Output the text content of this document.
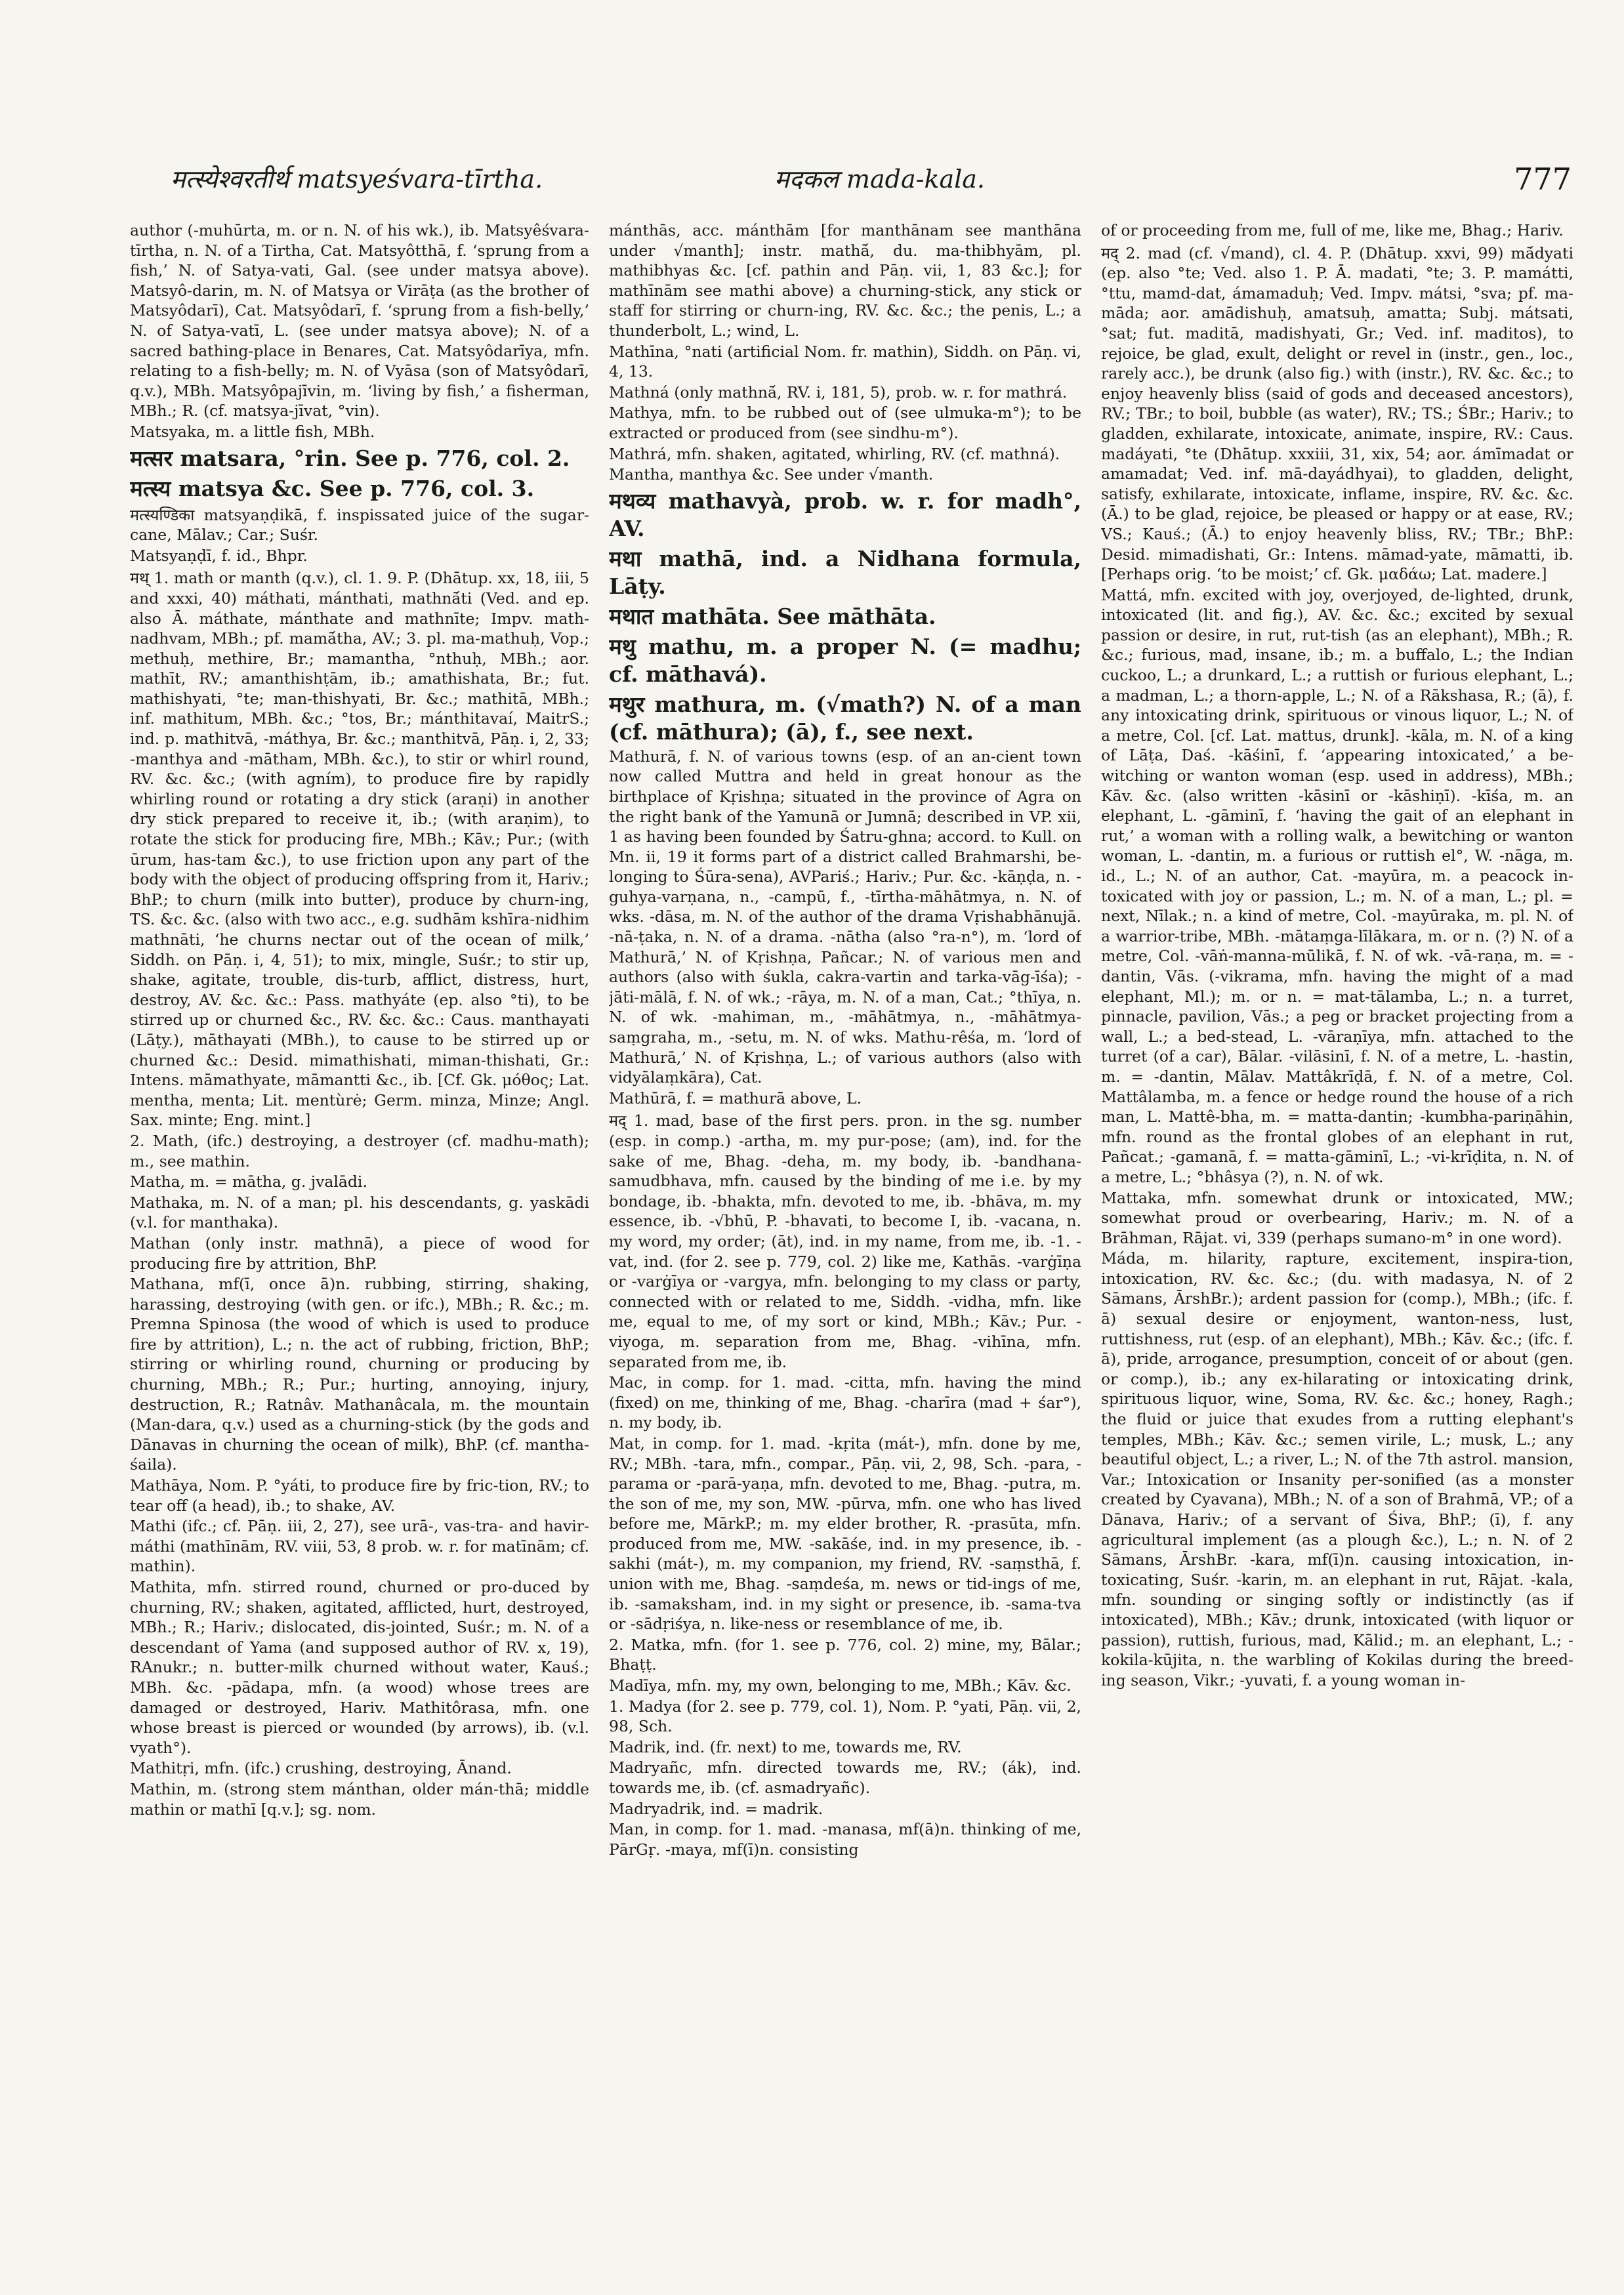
मत्स्येश्वरतीर्थ matsyeśvara-tīrtha.	मदकल mada-kala.	777

author (-muhūrta, m. or n. N. of his wk.), ib. Matsyêśvara-tīrtha, n. N. of a Tirtha, Cat. Matsyôtthā, f. ‘sprung from a fish,’ N. of Satya-vati, Gal. (see under matsya above). Matsyô-darin, m. N. of Matsya or Virāṭa (as the brother of Matsyôdarī), Cat. Matsyôdarī, f. ‘sprung from a fish-belly,’ N. of Satya-vatī, L. (see under matsya above); N. of a sacred bathing-place in Benares, Cat. Matsyôdarīya, mfn. relating to a fish-belly; m. N. of Vyāsa (son of Matsyôdarī, q.v.), MBh. Matsyôpajīvin, m. ‘living by fish,’ a fisherman, MBh.; R. (cf. matsya-jīvat, °vin).

Matsyaka, m. a little fish, MBh.

मत्सर matsara, °rin. See p. 776, col. 2.

मत्स्य matsya &c. See p. 776, col. 3.

मत्स्यण्डिका matsyaṇḍikā, f. inspissated juice of the sugar-cane, Mālav.; Car.; Suśr.

Matsyaṇḍī, f. id., Bhpr.

मथ् 1. math or manth (q.v.), cl. 1. 9. P. (Dhātup. xx, 18, iii, 5 and xxxi, 40) máthati, mánthati, mathnā́ti (Ved. and ep. also Ā. máthate, mánthate and mathnīte; Impv. math-nadhvam, MBh.; pf. mamā́tha, AV.; 3. pl. ma-mathuḥ, Vop.; methuḥ, methire, Br.; mamantha, °nthuḥ, MBh.; aor. mathīt, RV.; amanthishṭām, ib.; amathishata, Br.; fut. mathishyati, °te; man-thishyati, Br. &c.; mathitā, MBh.; inf. mathitum, MBh. &c.; °tos, Br.; mánthitavaí, MaitrS.; ind. p. mathitvā, -máthya, Br. &c.; manthitvā, Pāṇ. i, 2, 33; -manthya and -mātham, MBh. &c.), to stir or whirl round, RV. &c. &c.; (with agním), to produce fire by rapidly whirling round or rotating a dry stick (araṇi) in another dry stick prepared to receive it, ib.; (with araṇim), to rotate the stick for producing fire, MBh.; Kāv.; Pur.; (with ūrum, has-tam &c.), to use friction upon any part of the body with the object of producing offspring from it, Hariv.; BhP.; to churn (milk into butter), produce by churn-ing, TS. &c. &c. (also with two acc., e.g. sudhām kshīra-nidhim mathnāti, ‘he churns nectar out of the ocean of milk,’ Siddh. on Pāṇ. i, 4, 51); to mix, mingle, Suśr.; to stir up, shake, agitate, trouble, dis-turb, afflict, distress, hurt, destroy, AV. &c. &c.: Pass. mathyáte (ep. also °ti), to be stirred up or churned &c., RV. &c. &c.: Caus. manthayati (Lāṭy.), māthayati (MBh.), to cause to be stirred up or churned &c.: Desid. mimathishati, miman-thishati, Gr.: Intens. māmathyate, māmantti &c., ib. [Cf. Gk. μόθος; Lat. mentha, menta; Lit. mentùrė; Germ. minza, Minze; Angl. Sax. minte; Eng. mint.]

2. Math, (ifc.) destroying, a destroyer (cf. madhu-math); m., see mathin.

Matha, m. = mātha, g. jvalādi.

Mathaka, m. N. of a man; pl. his descendants, g. yaskādi (v.l. for manthaka).

Mathan (only instr. mathnā), a piece of wood for producing fire by attrition, BhP.

Mathana, mf(ī, once ā)n. rubbing, stirring, shaking, harassing, destroying (with gen. or ifc.), MBh.; R. &c.; m. Premna Spinosa (the wood of which is used to produce fire by attrition), L.; n. the act of rubbing, friction, BhP.; stirring or whirling round, churning or producing by churning, MBh.; R.; Pur.; hurting, annoying, injury, destruction, R.; Ratnâv. Mathanâcala, m. the mountain (Man-dara, q.v.) used as a churning-stick (by the gods and Dānavas in churning the ocean of milk), BhP. (cf. mantha-śaila).

Mathāya, Nom. P. °yáti, to produce fire by fric-tion, RV.; to tear off (a head), ib.; to shake, AV.

Mathi (ifc.; cf. Pāṇ. iii, 2, 27), see urā-, vas-tra- and havir-máthi (mathīnām, RV. viii, 53, 8 prob. w. r. for matīnām; cf. mathin).

Mathita, mfn. stirred round, churned or pro-duced by churning, RV.; shaken, agitated, afflicted, hurt, destroyed, MBh.; R.; Hariv.; dislocated, dis-jointed, Suśr.; m. N. of a descendant of Yama (and supposed author of RV. x, 19), RAnukr.; n. butter-milk churned without water, Kauś.; MBh. &c. -pādapa, mfn. (a wood) whose trees are damaged or destroyed, Hariv. Mathitôrasa, mfn. one whose breast is pierced or wounded (by arrows), ib. (v.l. vyath°).

Mathitṛi, mfn. (ifc.) crushing, destroying, Ānand.

Mathin, m. (strong stem mánthan, older mán-thā; middle mathin or mathī [q.v.]; sg. nom.

mánthās, acc. mánthām [for manthānam see manthāna under √manth]; instr. mathā́, du. ma-thibhyām, pl. mathibhyas &c. [cf. pathin and Pāṇ. vii, 1, 83 &c.]; for mathīnām see mathi above) a churning-stick, any stick or staff for stirring or churn-ing, RV. &c. &c.; the penis, L.; a thunderbolt, L.; wind, L.

Mathīna, °nati (artificial Nom. fr. mathin), Siddh. on Pāṇ. vi, 4, 13.

Mathná (only mathnā́, RV. i, 181, 5), prob. w. r. for mathrá.

Mathya, mfn. to be rubbed out of (see ulmuka-m°); to be extracted or produced from (see sindhu-m°).

Mathrá, mfn. shaken, agitated, whirling, RV. (cf. mathná).

Mantha, manthya &c. See under √manth.

मथव्य mathavyà, prob. w. r. for madh°, AV.

मथा mathā, ind. a Nidhana formula, Lāṭy.

मथात mathāta. See māthāta.

मथु mathu, m. a proper N. (= madhu; cf. māthavá).

मथुर mathura, m. (√math?) N. of a man (cf. māthura); (ā), f., see next.

Mathurā, f. N. of various towns (esp. of an an-cient town now called Muttra and held in great honour as the birthplace of Kṛishṇa; situated in the province of Agra on the right bank of the Yamunā or Jumnā; described in VP. xii, 1 as having been founded by Śatru-ghna; accord. to Kull. on Mn. ii, 19 it forms part of a district called Brahmarshi, be-longing to Śūra-sena), AVPariś.; Hariv.; Pur. &c. -kāṇḍa, n. -guhya-varṇana, n., -campū, f., -tīrtha-māhātmya, n. N. of wks. -dāsa, m. N. of the author of the drama Vṛishabhānujā. -nā-ṭaka, n. N. of a drama. -nātha (also °ra-n°), m. ‘lord of Mathurā,’ N. of Kṛishṇa, Pañcar.; N. of various men and authors (also with śukla, cakra-vartin and tarka-vāg-īśa); -jāti-mālā, f. N. of wk.; -rāya, m. N. of a man, Cat.; °thīya, n. N. of wk. -mahiman, m., -māhātmya, n., -māhātmya-saṃgraha, m., -setu, m. N. of wks. Mathu-rêśa, m. ‘lord of Mathurā,’ N. of Kṛishṇa, L.; of various authors (also with vidyālaṃkāra), Cat.

Mathūrā, f. = mathurā above, L.

मद् 1. mad, base of the first pers. pron. in the sg. number (esp. in comp.) -artha, m. my pur-pose; (am), ind. for the sake of me, Bhag. -deha, m. my body, ib. -bandhana-samudbhava, mfn. caused by the binding of me i.e. by my bondage, ib. -bhakta, mfn. devoted to me, ib. -bhāva, m. my essence, ib. -√bhū, P. -bhavati, to become I, ib. -vacana, n. my word, my order; (āt), ind. in my name, from me, ib. -1. -vat, ind. (for 2. see p. 779, col. 2) like me, Kathās. -varġīṇa or -varġīya or -vargya, mfn. belonging to my class or party, connected with or related to me, Siddh. -vidha, mfn. like me, equal to me, of my sort or kind, MBh.; Kāv.; Pur. -viyoga, m. separation from me, Bhag. -vihīna, mfn. separated from me, ib.

Mac, in comp. for 1. mad. -citta, mfn. having the mind (fixed) on me, thinking of me, Bhag. -charīra (mad + śar°), n. my body, ib.

Mat, in comp. for 1. mad. -kṛita (mát-), mfn. done by me, RV.; MBh. -tara, mfn., compar., Pāṇ. vii, 2, 98, Sch. -para, -parama or -parā-yaṇa, mfn. devoted to me, Bhag. -putra, m. the son of me, my son, MW. -pūrva, mfn. one who has lived before me, MārkP.; m. my elder brother, R. -prasūta, mfn. produced from me, MW. -sakāśe, ind. in my presence, ib. -sakhi (mát-), m. my companion, my friend, RV. -saṃsthā, f. union with me, Bhag. -saṃdeśa, m. news or tid-ings of me, ib. -samaksham, ind. in my sight or presence, ib. -sama-tva or -sādṛiśya, n. like-ness or resemblance of me, ib.

2. Matka, mfn. (for 1. see p. 776, col. 2) mine, my, Bālar.; Bhaṭṭ.

Madīya, mfn. my, my own, belonging to me, MBh.; Kāv. &c.

1. Madya (for 2. see p. 779, col. 1), Nom. P. °yati, Pāṇ. vii, 2, 98, Sch.

Madrik, ind. (fr. next) to me, towards me, RV.

Madryañc, mfn. directed towards me, RV.; (ák), ind. towards me, ib. (cf. asmadryañc).

Madryadrik, ind. = madrik.

Man, in comp. for 1. mad. -manasa, mf(ā)n. thinking of me, PārGṛ. -maya, mf(ī)n. consisting

of or proceeding from me, full of me, like me, Bhag.; Hariv.

मद् 2. mad (cf. √mand), cl. 4. P. (Dhātup. xxvi, 99) mā́dyati (ep. also °te; Ved. also 1. P. Ā. madati, °te; 3. P. mamátti, °ttu, mamd-dat, ámamaduḥ; Ved. Impv. mátsi, °sva; pf. ma-māda; aor. amādishuḥ, amatsuḥ, amatta; Subj. mátsati, °sat; fut. maditā, madishyati, Gr.; Ved. inf. maditos), to rejoice, be glad, exult, delight or revel in (instr., gen., loc., rarely acc.), be drunk (also fig.) with (instr.), RV. &c. &c.; to enjoy heavenly bliss (said of gods and deceased ancestors), RV.; TBr.; to boil, bubble (as water), RV.; TS.; ŚBr.; Hariv.; to gladden, exhilarate, intoxicate, animate, inspire, RV.: Caus. madáyati, °te (Dhātup. xxxiii, 31, xix, 54; aor. ámīmadat or amamadat; Ved. inf. mā-dayádhyai), to gladden, delight, satisfy, exhilarate, intoxicate, inflame, inspire, RV. &c. &c. (Ā.) to be glad, rejoice, be pleased or happy or at ease, RV.; VS.; Kauś.; (Ā.) to enjoy heavenly bliss, RV.; TBr.; BhP.: Desid. mimadishati, Gr.: Intens. māmad-yate, māmatti, ib. [Perhaps orig. ‘to be moist;’ cf. Gk. μαδάω; Lat. madere.]

Mattá, mfn. excited with joy, overjoyed, de-lighted, drunk, intoxicated (lit. and fig.), AV. &c. &c.; excited by sexual passion or desire, in rut, rut-tish (as an elephant), MBh.; R. &c.; furious, mad, insane, ib.; m. a buffalo, L.; the Indian cuckoo, L.; a drunkard, L.; a ruttish or furious elephant, L.; a madman, L.; a thorn-apple, L.; N. of a Rākshasa, R.; (ā), f. any intoxicating drink, spirituous or vinous liquor, L.; N. of a metre, Col. [cf. Lat. mattus, drunk]. -kāla, m. N. of a king of Lāṭa, Daś. -kāśinī, f. ‘appearing intoxicated,’ a be-witching or wanton woman (esp. used in address), MBh.; Kāv. &c. (also written -kāsinī or -kāshiṇī). -kīśa, m. an elephant, L. -gāminī, f. ‘having the gait of an elephant in rut,’ a woman with a rolling walk, a bewitching or wanton woman, L. -dantin, m. a furious or ruttish el°, W. -nāga, m. id., L.; N. of an author, Cat. -mayūra, m. a peacock in-toxicated with joy or passion, L.; m. N. of a man, L.; pl. = next, Nīlak.; n. a kind of metre, Col. -mayūraka, m. pl. N. of a warrior-tribe, MBh. -mātaṃga-līlākara, m. or n. (?) N. of a metre, Col. -vāṅ-manna-mūlikā, f. N. of wk. -vā-raṇa, m. = -dantin, Vās. (-vikrama, mfn. having the might of a mad elephant, Ml.); m. or n. = mat-tālamba, L.; n. a turret, pinnacle, pavilion, Vās.; a peg or bracket projecting from a wall, L.; a bed-stead, L. -vāraṇīya, mfn. attached to the turret (of a car), Bālar. -vilāsinī, f. N. of a metre, L. -hastin, m. = -dantin, Mālav. Mattâkrīḍā, f. N. of a metre, Col. Mattâlamba, m. a fence or hedge round the house of a rich man, L. Mattê-bha, m. = matta-dantin; -kumbha-pariṇāhin, mfn. round as the frontal globes of an elephant in rut, Pañcat.; -gamanā, f. = matta-gāminī, L.; -vi-krīḍita, n. N. of a metre, L.; °bhâsya (?), n. N. of wk.

Mattaka, mfn. somewhat drunk or intoxicated, MW.; somewhat proud or overbearing, Hariv.; m. N. of a Brāhman, Rājat. vi, 339 (perhaps sumano-m° in one word).

Máda, m. hilarity, rapture, excitement, inspira-tion, intoxication, RV. &c. &c.; (du. with madasya, N. of 2 Sāmans, ĀrshBr.); ardent passion for (comp.), MBh.; (ifc. f. ā) sexual desire or enjoyment, wanton-ness, lust, ruttishness, rut (esp. of an elephant), MBh.; Kāv. &c.; (ifc. f. ā), pride, arrogance, presumption, conceit of or about (gen. or comp.), ib.; any ex-hilarating or intoxicating drink, spirituous liquor, wine, Soma, RV. &c. &c.; honey, Ragh.; the fluid or juice that exudes from a rutting elephant's temples, MBh.; Kāv. &c.; semen virile, L.; musk, L.; any beautiful object, L.; a river, L.; N. of the 7th astrol. mansion, Var.; Intoxication or Insanity per-sonified (as a monster created by Cyavana), MBh.; N. of a son of Brahmā, VP.; of a Dānava, Hariv.; of a servant of Śiva, BhP.; (ī), f. any agricultural implement (as a plough &c.), L.; n. N. of 2 Sāmans, ĀrshBr. -kara, mf(ī)n. causing intoxication, in-toxicating, Suśr. -karin, m. an elephant in rut, Rājat. -kala, mfn. sounding or singing softly or indistinctly (as if intoxicated), MBh.; Kāv.; drunk, intoxicated (with liquor or passion), ruttish, furious, mad, Kālid.; m. an elephant, L.; -kokila-kūjita, n. the warbling of Kokilas during the breed-ing season, Vikr.; -yuvati, f. a young woman in-
